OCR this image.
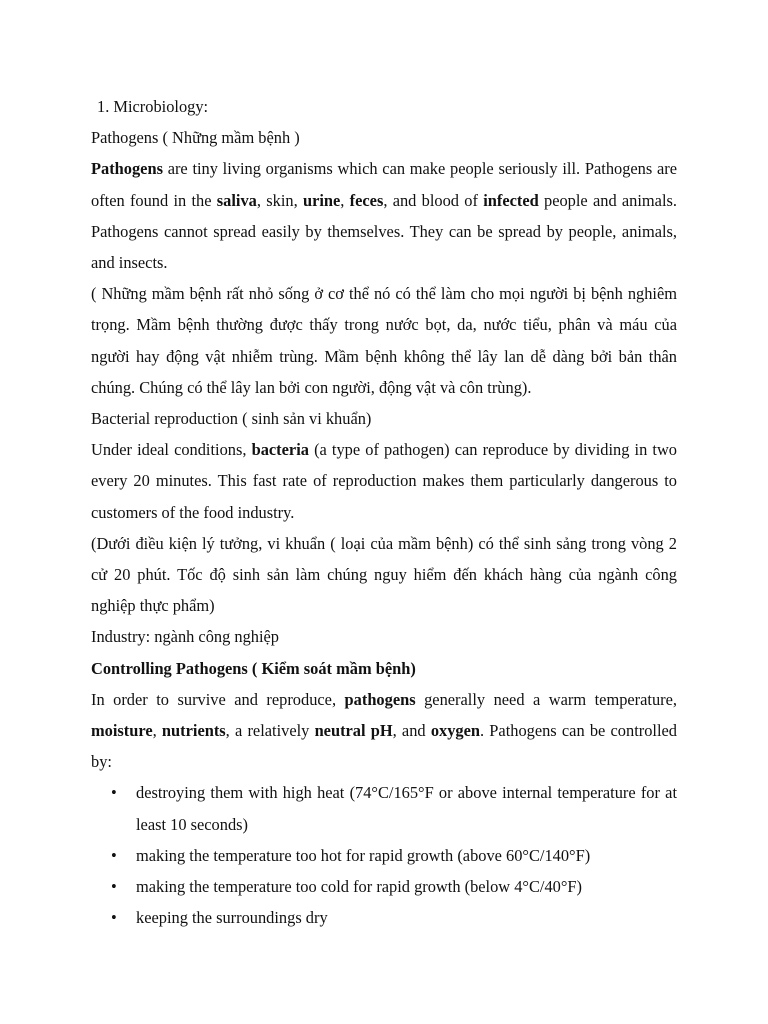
1. Microbiology:

Pathogens ( Những mầm bệnh )

Pathogens are tiny living organisms which can make people seriously ill. Pathogens are often found in the saliva, skin, urine, feces, and blood of infected people and animals. Pathogens cannot spread easily by themselves. They can be spread by people, animals, and insects.

( Những mầm bệnh rất nhỏ sống ở cơ thể nó có thể làm cho mọi người bị bệnh nghiêm trọng. Mầm bệnh thường được thấy trong nước bọt, da, nước tiểu, phân và máu của người hay động vật nhiễm trùng. Mầm bệnh không thể lây lan dễ dàng bởi bản thân chúng. Chúng có thể lây lan bởi con người, động vật và côn trùng).

Bacterial reproduction ( sinh sản vi khuẩn)

Under ideal conditions, bacteria (a type of pathogen) can reproduce by dividing in two every 20 minutes. This fast rate of reproduction makes them particularly dangerous to customers of the food industry.

(Dưới điều kiện lý tưởng, vi khuẩn ( loại của mầm bệnh) có thể sinh sảng trong vòng 2 cử 20 phút. Tốc độ sinh sản làm chúng nguy hiểm đến khách hàng của ngành công nghiệp thực phẩm)

Industry: ngành công nghiệp

Controlling Pathogens ( Kiểm soát mầm bệnh)

In order to survive and reproduce, pathogens generally need a warm temperature, moisture, nutrients, a relatively neutral pH, and oxygen. Pathogens can be controlled by:

• destroying them with high heat (74°C/165°F or above internal temperature for at least 10 seconds)
• making the temperature too hot for rapid growth (above 60°C/140°F)
• making the temperature too cold for rapid growth (below 4°C/40°F)
• keeping the surroundings dry
